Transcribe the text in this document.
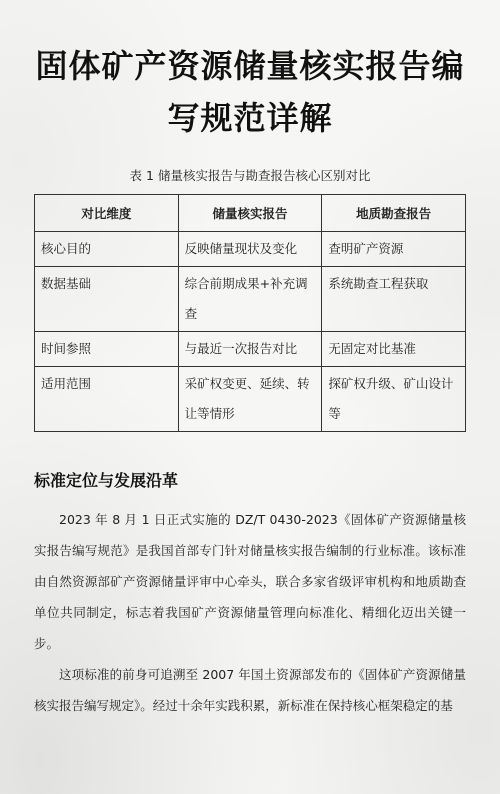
固体矿产资源储量核实报告编写规范详解
表 1 储量核实报告与勘查报告核心区别对比
对比维度	储量核实报告	地质勘查报告
核心目的	反映储量现状及变化	查明矿产资源
数据基础	综合前期成果+补充调查	系统勘查工程获取
时间参照	与最近一次报告对比	无固定对比基准
适用范围	采矿权变更、延续、转让等情形	探矿权升级、矿山设计等
标准定位与发展沿革

2023 年 8 月 1 日正式实施的 DZ/T 0430-2023《固体矿产资源储量核实报告编写规范》是我国首部专门针对储量核实报告编制的行业标准。该标准由自然资源部矿产资源储量评审中心牵头，联合多家省级评审机构和地质勘查单位共同制定，标志着我国矿产资源储量管理向标准化、精细化迈出关键一步。

这项标准的前身可追溯至 2007 年国土资源部发布的《固体矿产资源储量核实报告编写规定》。经过十余年实践积累，新标准在保持核心框架稳定的基
